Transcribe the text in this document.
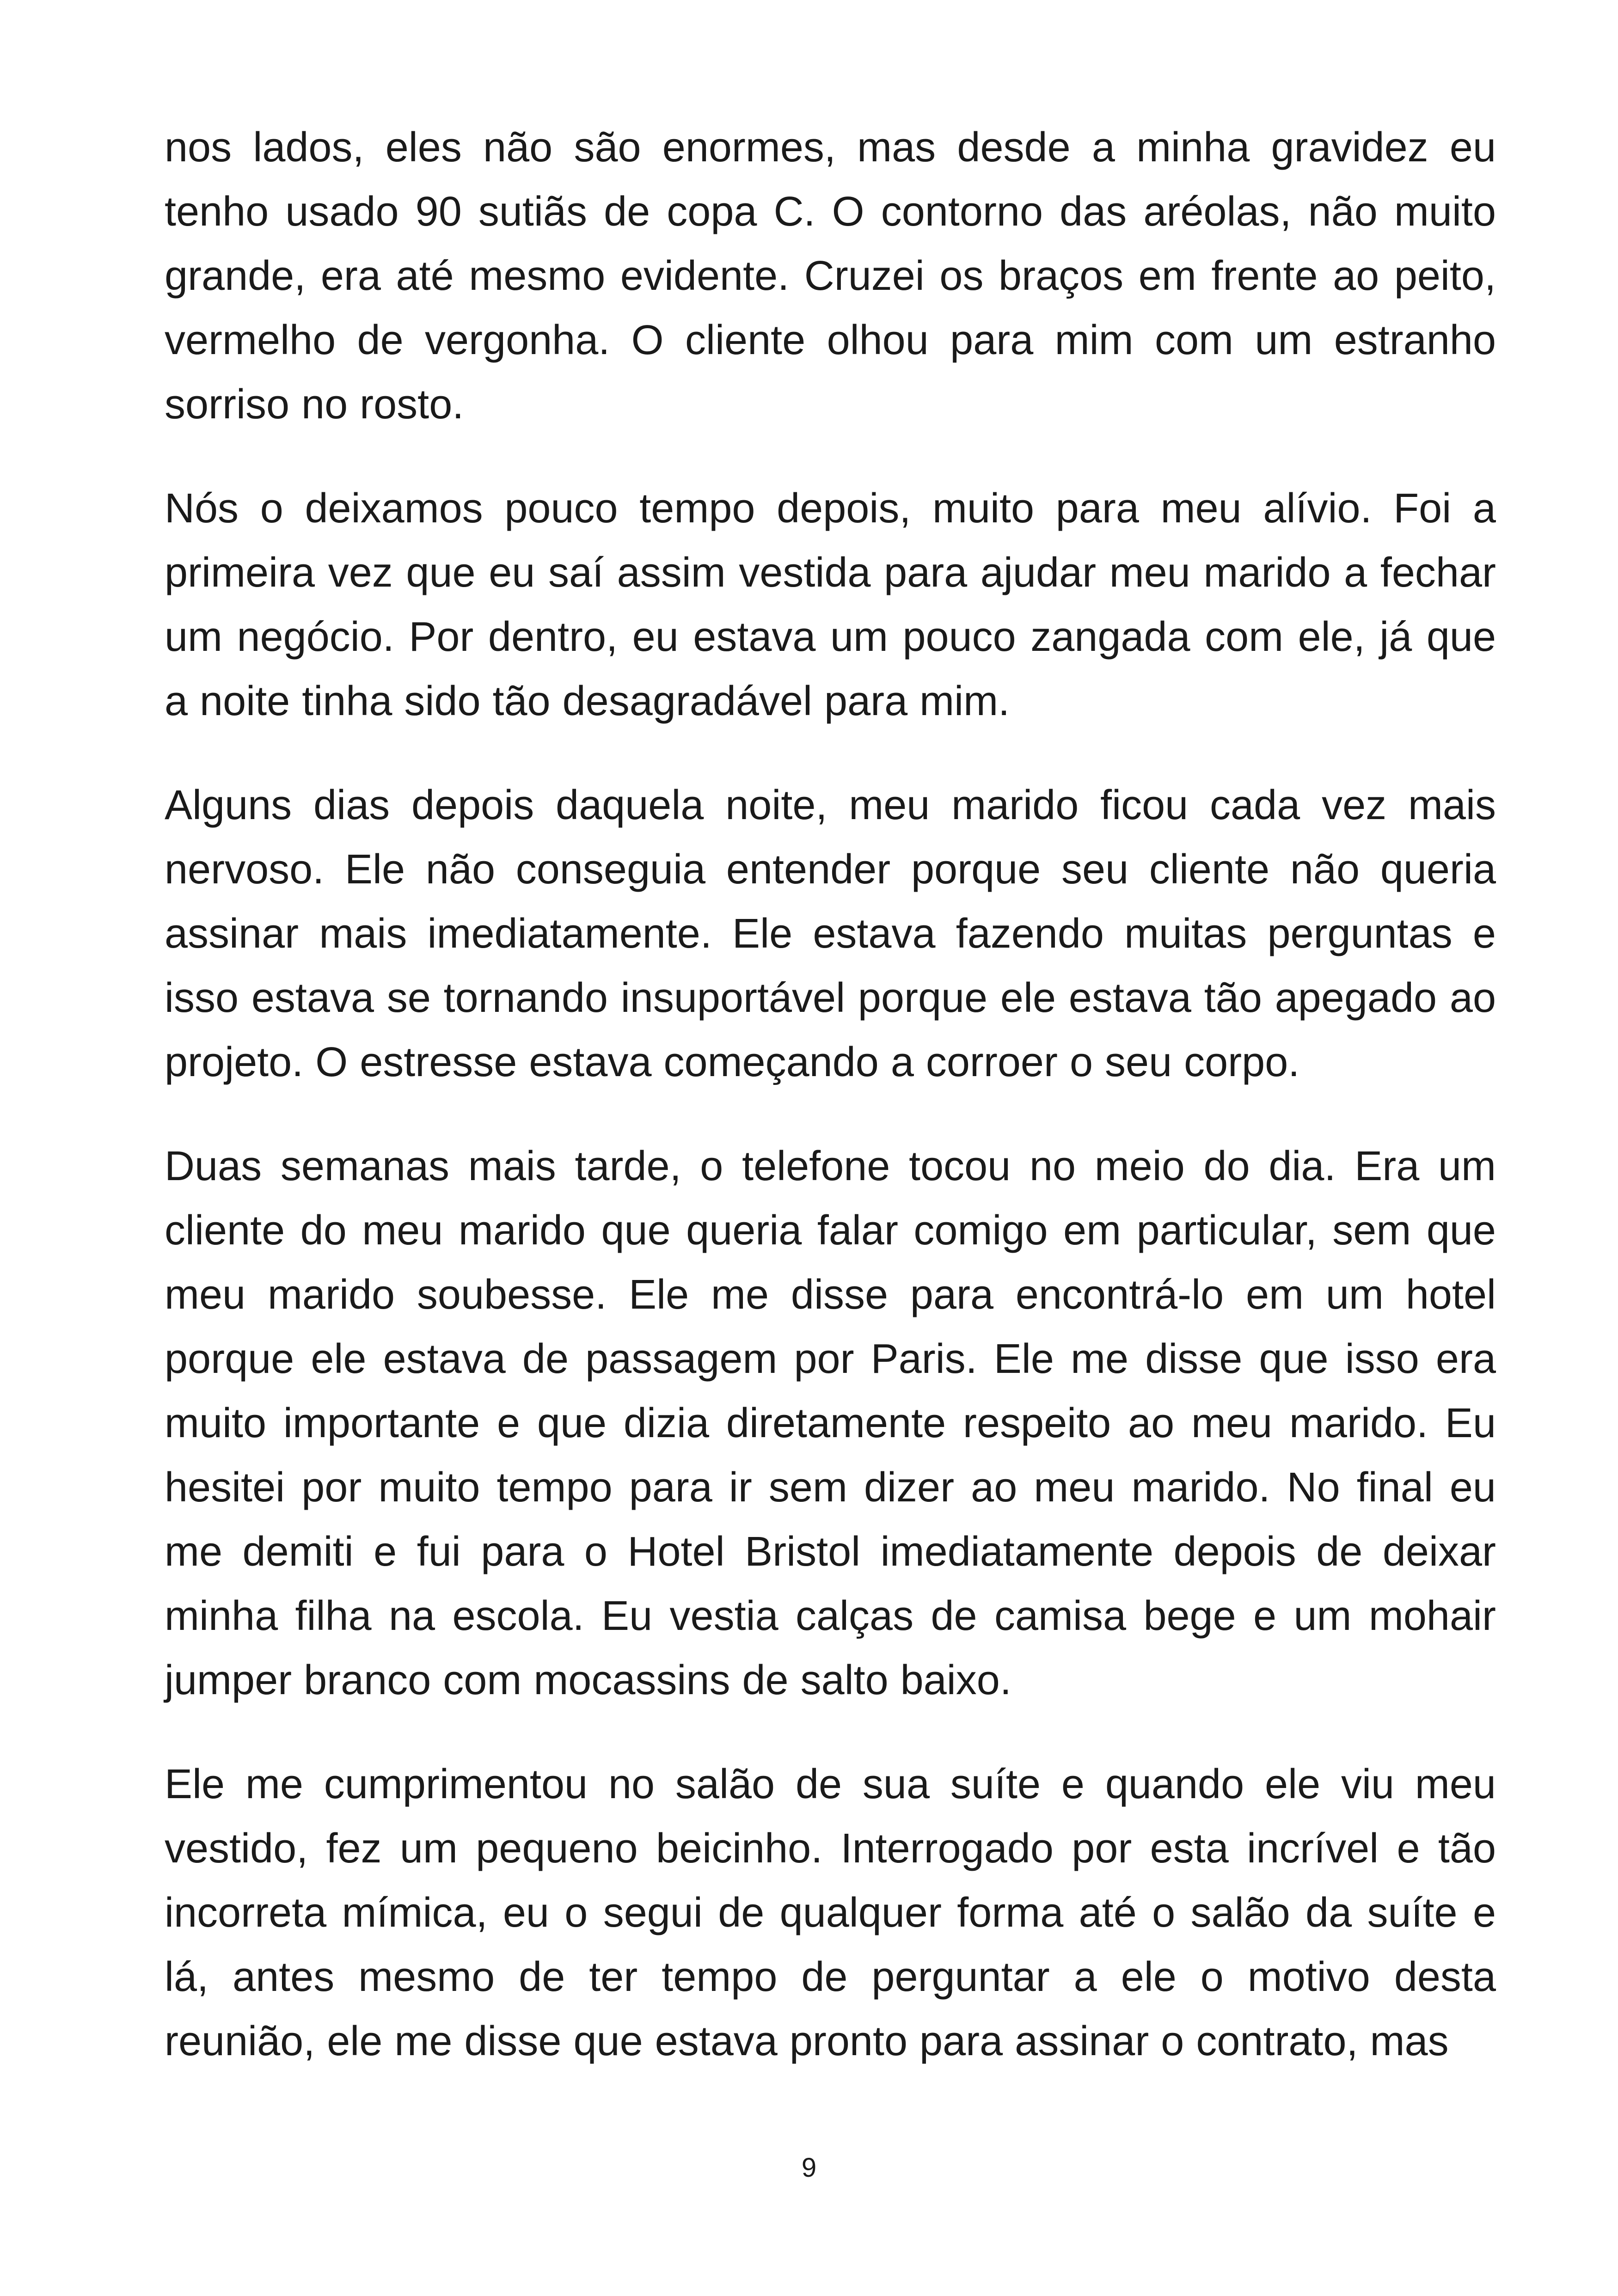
nos lados, eles não são enormes, mas desde a minha gravidez eu tenho usado 90 sutiãs de copa C. O contorno das aréolas, não muito grande, era até mesmo evidente. Cruzei os braços em frente ao peito, vermelho de vergonha. O cliente olhou para mim com um estranho sorriso no rosto.

Nós o deixamos pouco tempo depois, muito para meu alívio. Foi a primeira vez que eu saí assim vestida para ajudar meu marido a fechar um negócio. Por dentro, eu estava um pouco zangada com ele, já que a noite tinha sido tão desagradável para mim.

Alguns dias depois daquela noite, meu marido ficou cada vez mais nervoso. Ele não conseguia entender porque seu cliente não queria assinar mais imediatamente. Ele estava fazendo muitas perguntas e isso estava se tornando insuportável porque ele estava tão apegado ao projeto. O estresse estava começando a corroer o seu corpo.

Duas semanas mais tarde, o telefone tocou no meio do dia. Era um cliente do meu marido que queria falar comigo em particular, sem que meu marido soubesse. Ele me disse para encontrá-lo em um hotel porque ele estava de passagem por Paris. Ele me disse que isso era muito importante e que dizia diretamente respeito ao meu marido. Eu hesitei por muito tempo para ir sem dizer ao meu marido. No final eu me demiti e fui para o Hotel Bristol imediatamente depois de deixar minha filha na escola. Eu vestia calças de camisa bege e um mohair jumper branco com mocassins de salto baixo.

Ele me cumprimentou no salão de sua suíte e quando ele viu meu vestido, fez um pequeno beicinho. Interrogado por esta incrível e tão incorreta mímica, eu o segui de qualquer forma até o salão da suíte e lá, antes mesmo de ter tempo de perguntar a ele o motivo desta reunião, ele me disse que estava pronto para assinar o contrato, mas

9
